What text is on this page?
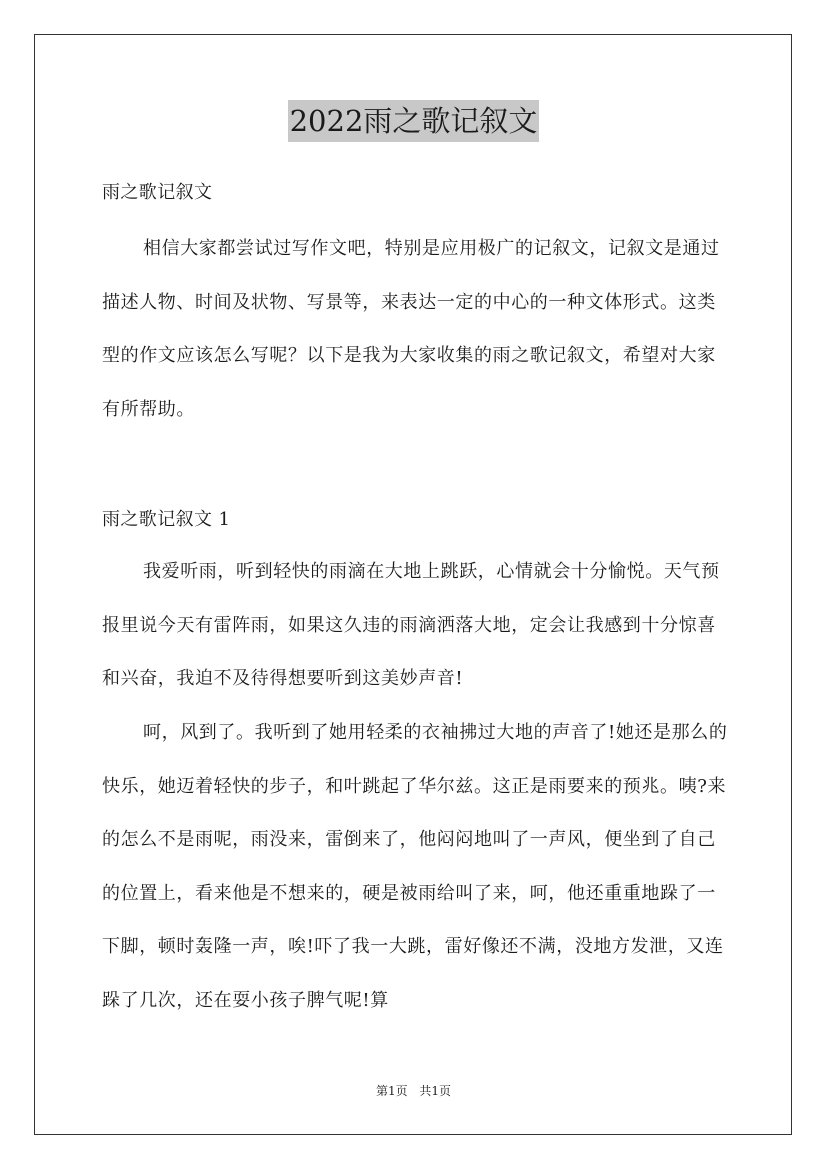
2022雨之歌记叙文

雨之歌记叙文

相信大家都尝试过写作文吧，特别是应用极广的记叙文，记叙文是通过描述人物、时间及状物、写景等，来表达一定的中心的一种文体形式。这类型的作文应该怎么写呢？以下是我为大家收集的雨之歌记叙文，希望对大家有所帮助。

雨之歌记叙文 1

我爱听雨，听到轻快的雨滴在大地上跳跃，心情就会十分愉悦。天气预报里说今天有雷阵雨，如果这久违的雨滴洒落大地，定会让我感到十分惊喜和兴奋，我迫不及待得想要听到这美妙声音!

呵，风到了。我听到了她用轻柔的衣袖拂过大地的声音了!她还是那么的快乐，她迈着轻快的步子，和叶跳起了华尔兹。这正是雨要来的预兆。咦?来的怎么不是雨呢，雨没来，雷倒来了，他闷闷地叫了一声风，便坐到了自己的位置上，看来他是不想来的，硬是被雨给叫了来，呵，他还重重地跺了一下脚，顿时轰隆一声，唉!吓了我一大跳，雷好像还不满，没地方发泄，又连跺了几次，还在耍小孩子脾气呢!算

第1页 共1页
